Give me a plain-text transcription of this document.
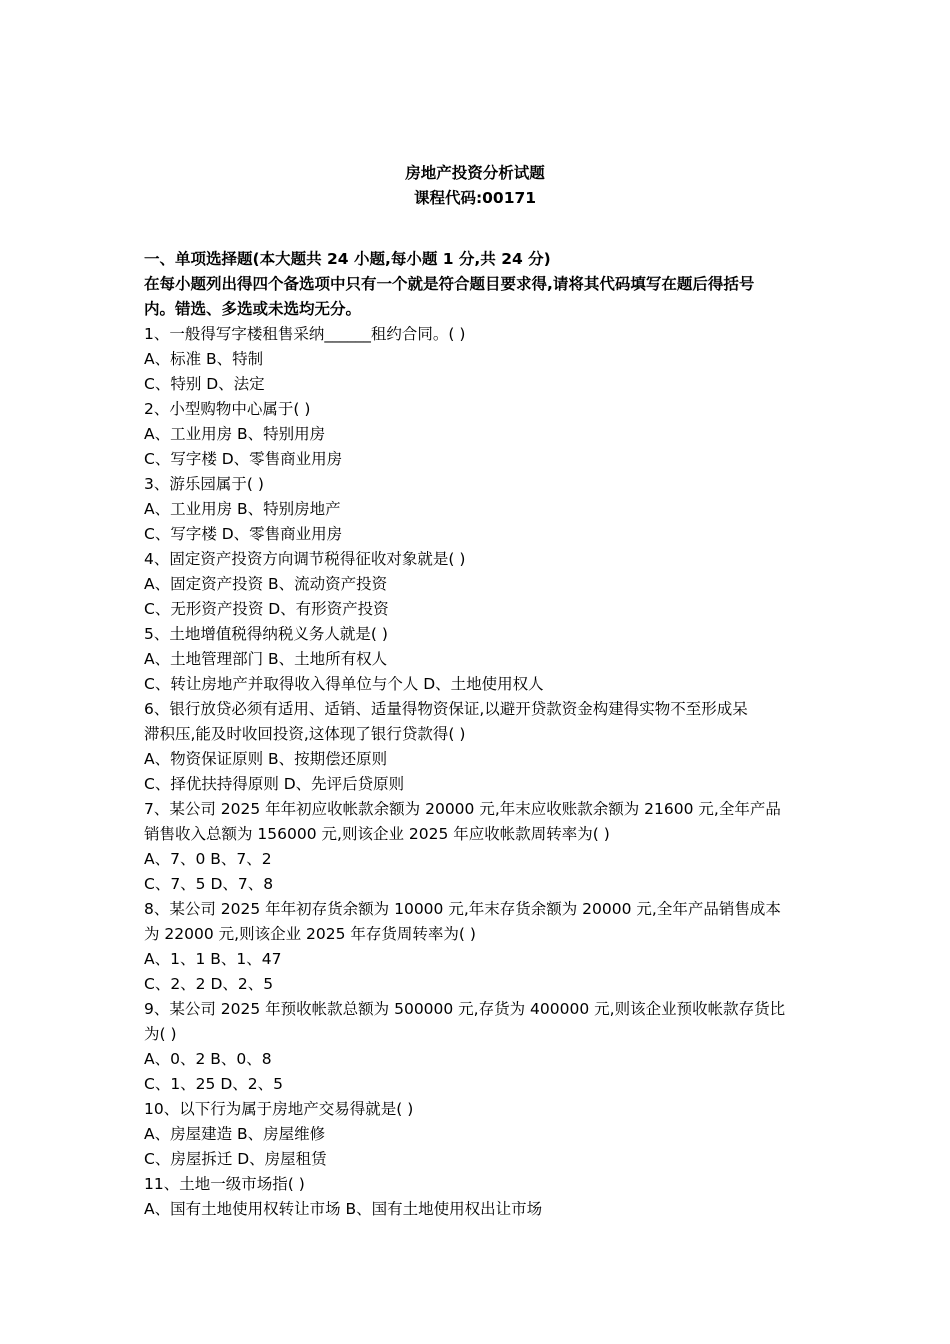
房地产投资分析试题
课程代码:00171
一、单项选择题(本大题共 24 小题,每小题 1 分,共 24 分)
在每小题列出得四个备选项中只有一个就是符合题目要求得,请将其代码填写在题后得括号
内。错选、多选或未选均无分。
1、一般得写字楼租售采纳______租约合同。( )
A、标准 B、特制
C、特别 D、法定
2、小型购物中心属于( )
A、工业用房 B、特别用房
C、写字楼 D、零售商业用房
3、游乐园属于( )
A、工业用房 B、特别房地产
C、写字楼 D、零售商业用房
4、固定资产投资方向调节税得征收对象就是( )
A、固定资产投资 B、流动资产投资
C、无形资产投资 D、有形资产投资
5、土地增值税得纳税义务人就是( )
A、土地管理部门 B、土地所有权人
C、转让房地产并取得收入得单位与个人 D、土地使用权人
6、银行放贷必须有适用、适销、适量得物资保证,以避开贷款资金构建得实物不至形成呆
滞积压,能及时收回投资,这体现了银行贷款得( )
A、物资保证原则 B、按期偿还原则
C、择优扶持得原则 D、先评后贷原则
7、某公司 2025 年年初应收帐款余额为 20000 元,年末应收账款余额为 21600 元,全年产品
销售收入总额为 156000 元,则该企业 2025 年应收帐款周转率为( )
A、7、0 B、7、2
C、7、5 D、7、8
8、某公司 2025 年年初存货余额为 10000 元,年末存货余额为 20000 元,全年产品销售成本
为 22000 元,则该企业 2025 年存货周转率为( )
A、1、1 B、1、47
C、2、2 D、2、5
9、某公司 2025 年预收帐款总额为 500000 元,存货为 400000 元,则该企业预收帐款存货比
为( )
A、0、2 B、0、8
C、1、25 D、2、5
10、以下行为属于房地产交易得就是( )
A、房屋建造 B、房屋维修
C、房屋拆迁 D、房屋租赁
11、土地一级市场指( )
A、国有土地使用权转让市场 B、国有土地使用权出让市场
